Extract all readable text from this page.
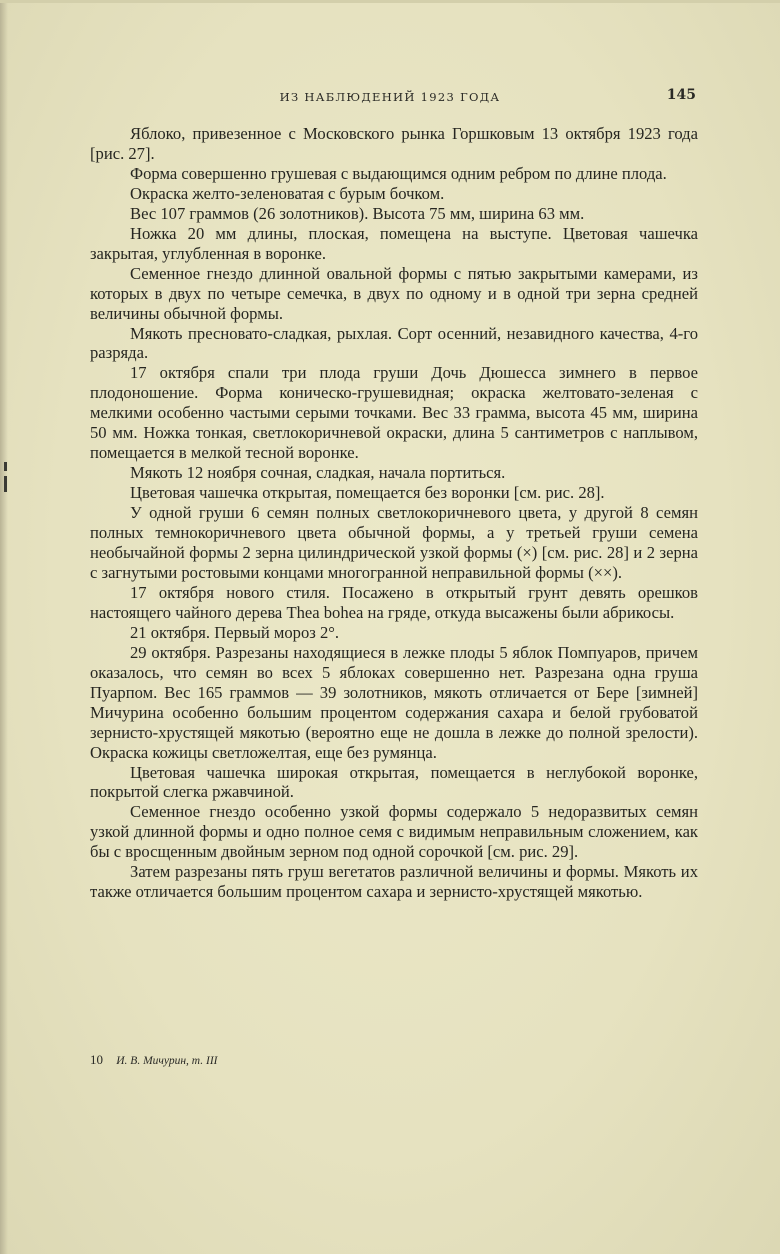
ИЗ НАБЛЮДЕНИЙ 1923 ГОДА	145

Яблоко, привезенное с Московского рынка Горшковым 13 октября 1923 года [рис. 27].

Форма совершенно грушевая с выдающимся одним ребром по длине плода.

Окраска желто-зеленоватая с бурым бочком.

Вес 107 граммов (26 золотников). Высота 75 мм, ширина 63 мм.

Ножка 20 мм длины, плоская, помещена на выступе. Цветовая чашечка закрытая, углубленная в воронке.

Семенное гнездо длинной овальной формы с пятью закрытыми камерами, из которых в двух по четыре семечка, в двух по одному и в одной три зерна средней величины обычной формы.

Мякоть пресновато-сладкая, рыхлая. Сорт осенний, незавидного качества, 4-го разряда.

17 октября спали три плода груши Дочь Дюшесса зимнего в первое плодоношение. Форма коническо-грушевидная; окраска желтовато-зеленая с мелкими особенно частыми серыми точками. Вес 33 грамма, высота 45 мм, ширина 50 мм. Ножка тонкая, светлокоричневой окраски, длина 5 сантиметров с наплывом, помещается в мелкой тесной воронке.

Мякоть 12 ноября сочная, сладкая, начала портиться.

Цветовая чашечка открытая, помещается без воронки [см. рис. 28].

У одной груши 6 семян полных светлокоричневого цвета, у другой 8 семян полных темнокоричневого цвета обычной формы, а у третьей груши семена необычайной формы 2 зерна цилиндрической узкой формы (×) [см. рис. 28] и 2 зерна с загнутыми ростовыми концами многогранной неправильной формы (××).

17 октября нового стиля. Посажено в открытый грунт девять орешков настоящего чайного дерева Thea bohea на гряде, откуда высажены были абрикосы.

21 октября. Первый мороз 2°.

29 октября. Разрезаны находящиеся в лежке плоды 5 яблок Помпуаров, причем оказалось, что семян во всех 5 яблоках совершенно нет. Разрезана одна груша Пуарпом. Вес 165 граммов — 39 золотников, мякоть отличается от Бере [зимней] Мичурина особенно большим процентом содержания сахара и белой грубоватой зернисто-хрустящей мякотью (вероятно еще не дошла в лежке до полной зрелости). Окраска кожицы светложелтая, еще без румянца.

Цветовая чашечка широкая открытая, помещается в неглубокой воронке, покрытой слегка ржавчиной.

Семенное гнездо особенно узкой формы содержало 5 недоразвитых семян узкой длинной формы и одно полное семя с видимым неправильным сложением, как бы с вросщенным двойным зерном под одной сорочкой [см. рис. 29].

Затем разрезаны пять груш вегетатов различной величины и формы. Мякоть их также отличается большим процентом сахара и зернисто-хрустящей мякотью.

10 И. В. Мичурин, т. III
